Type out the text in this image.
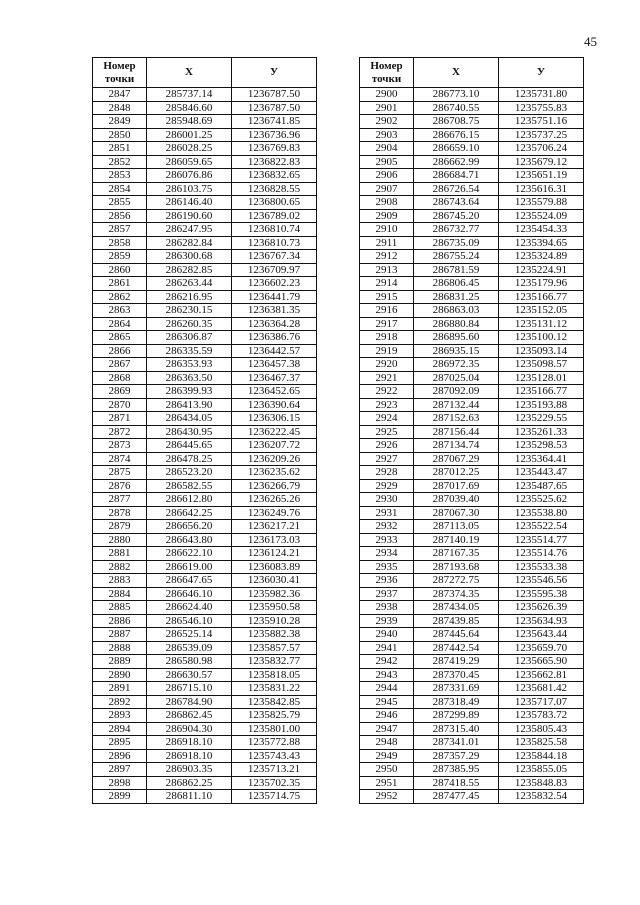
45
Номер
точки	X	У
2847	285737.14	1236787.50
2848	285846.60	1236787.50
2849	285948.69	1236741.85
2850	286001.25	1236736.96
2851	286028.25	1236769.83
2852	286059.65	1236822.83
2853	286076.86	1236832.65
2854	286103.75	1236828.55
2855	286146.40	1236800.65
2856	286190.60	1236789.02
2857	286247.95	1236810.74
2858	286282.84	1236810.73
2859	286300.68	1236767.34
2860	286282.85	1236709.97
2861	286263.44	1236602.23
2862	286216.95	1236441.79
2863	286230.15	1236381.35
2864	286260.35	1236364.28
2865	286306.87	1236386.76
2866	286335.59	1236442.57
2867	286353.93	1236457.38
2868	286363.50	1236467.37
2869	286399.93	1236452.65
2870	286413.90	1236390.64
2871	286434.05	1236306.15
2872	286430.95	1236222.45
2873	286445.65	1236207.72
2874	286478.25	1236209.26
2875	286523.20	1236235.62
2876	286582.55	1236266.79
2877	286612.80	1236265.26
2878	286642.25	1236249.76
2879	286656.20	1236217.21
2880	286643.80	1236173.03
2881	286622.10	1236124.21
2882	286619.00	1236083.89
2883	286647.65	1236030.41
2884	286646.10	1235982.36
2885	286624.40	1235950.58
2886	286546.10	1235910.28
2887	286525.14	1235882.38
2888	286539.09	1235857.57
2889	286580.98	1235832.77
2890	286630.57	1235818.05
2891	286715.10	1235831.22
2892	286784.90	1235842.85
2893	286862.45	1235825.79
2894	286904.30	1235801.00
2895	286918.10	1235772.88
2896	286918.10	1235743.43
2897	286903.35	1235713.21
2898	286862.25	1235702.35
2899	286811.10	1235714.75
Номер
точки	X	У
2900	286773.10	1235731.80
2901	286740.55	1235755.83
2902	286708.75	1235751.16
2903	286676.15	1235737.25
2904	286659.10	1235706.24
2905	286662.99	1235679.12
2906	286684.71	1235651.19
2907	286726.54	1235616.31
2908	286743.64	1235579.88
2909	286745.20	1235524.09
2910	286732.77	1235454.33
2911	286735.09	1235394.65
2912	286755.24	1235324.89
2913	286781.59	1235224.91
2914	286806.45	1235179.96
2915	286831.25	1235166.77
2916	286863.03	1235152.05
2917	286880.84	1235131.12
2918	286895.60	1235100.12
2919	286935.15	1235093.14
2920	286972.35	1235098.57
2921	287025.04	1235128.01
2922	287092.09	1235166.77
2923	287132.44	1235193.88
2924	287152.63	1235229.55
2925	287156.44	1235261.33
2926	287134.74	1235298.53
2927	287067.29	1235364.41
2928	287012.25	1235443.47
2929	287017.69	1235487.65
2930	287039.40	1235525.62
2931	287067.30	1235538.80
2932	287113.05	1235522.54
2933	287140.19	1235514.77
2934	287167.35	1235514.76
2935	287193.68	1235533.38
2936	287272.75	1235546.56
2937	287374.35	1235595.38
2938	287434.05	1235626.39
2939	287439.85	1235634.93
2940	287445.64	1235643.44
2941	287442.54	1235659.70
2942	287419.29	1235665.90
2943	287370.45	1235662.81
2944	287331.69	1235681.42
2945	287318.49	1235717.07
2946	287299.89	1235783.72
2947	287315.40	1235805.43
2948	287341.01	1235825.58
2949	287357.29	1235844.18
2950	287385.95	1235855.05
2951	287418.55	1235848.83
2952	287477.45	1235832.54
